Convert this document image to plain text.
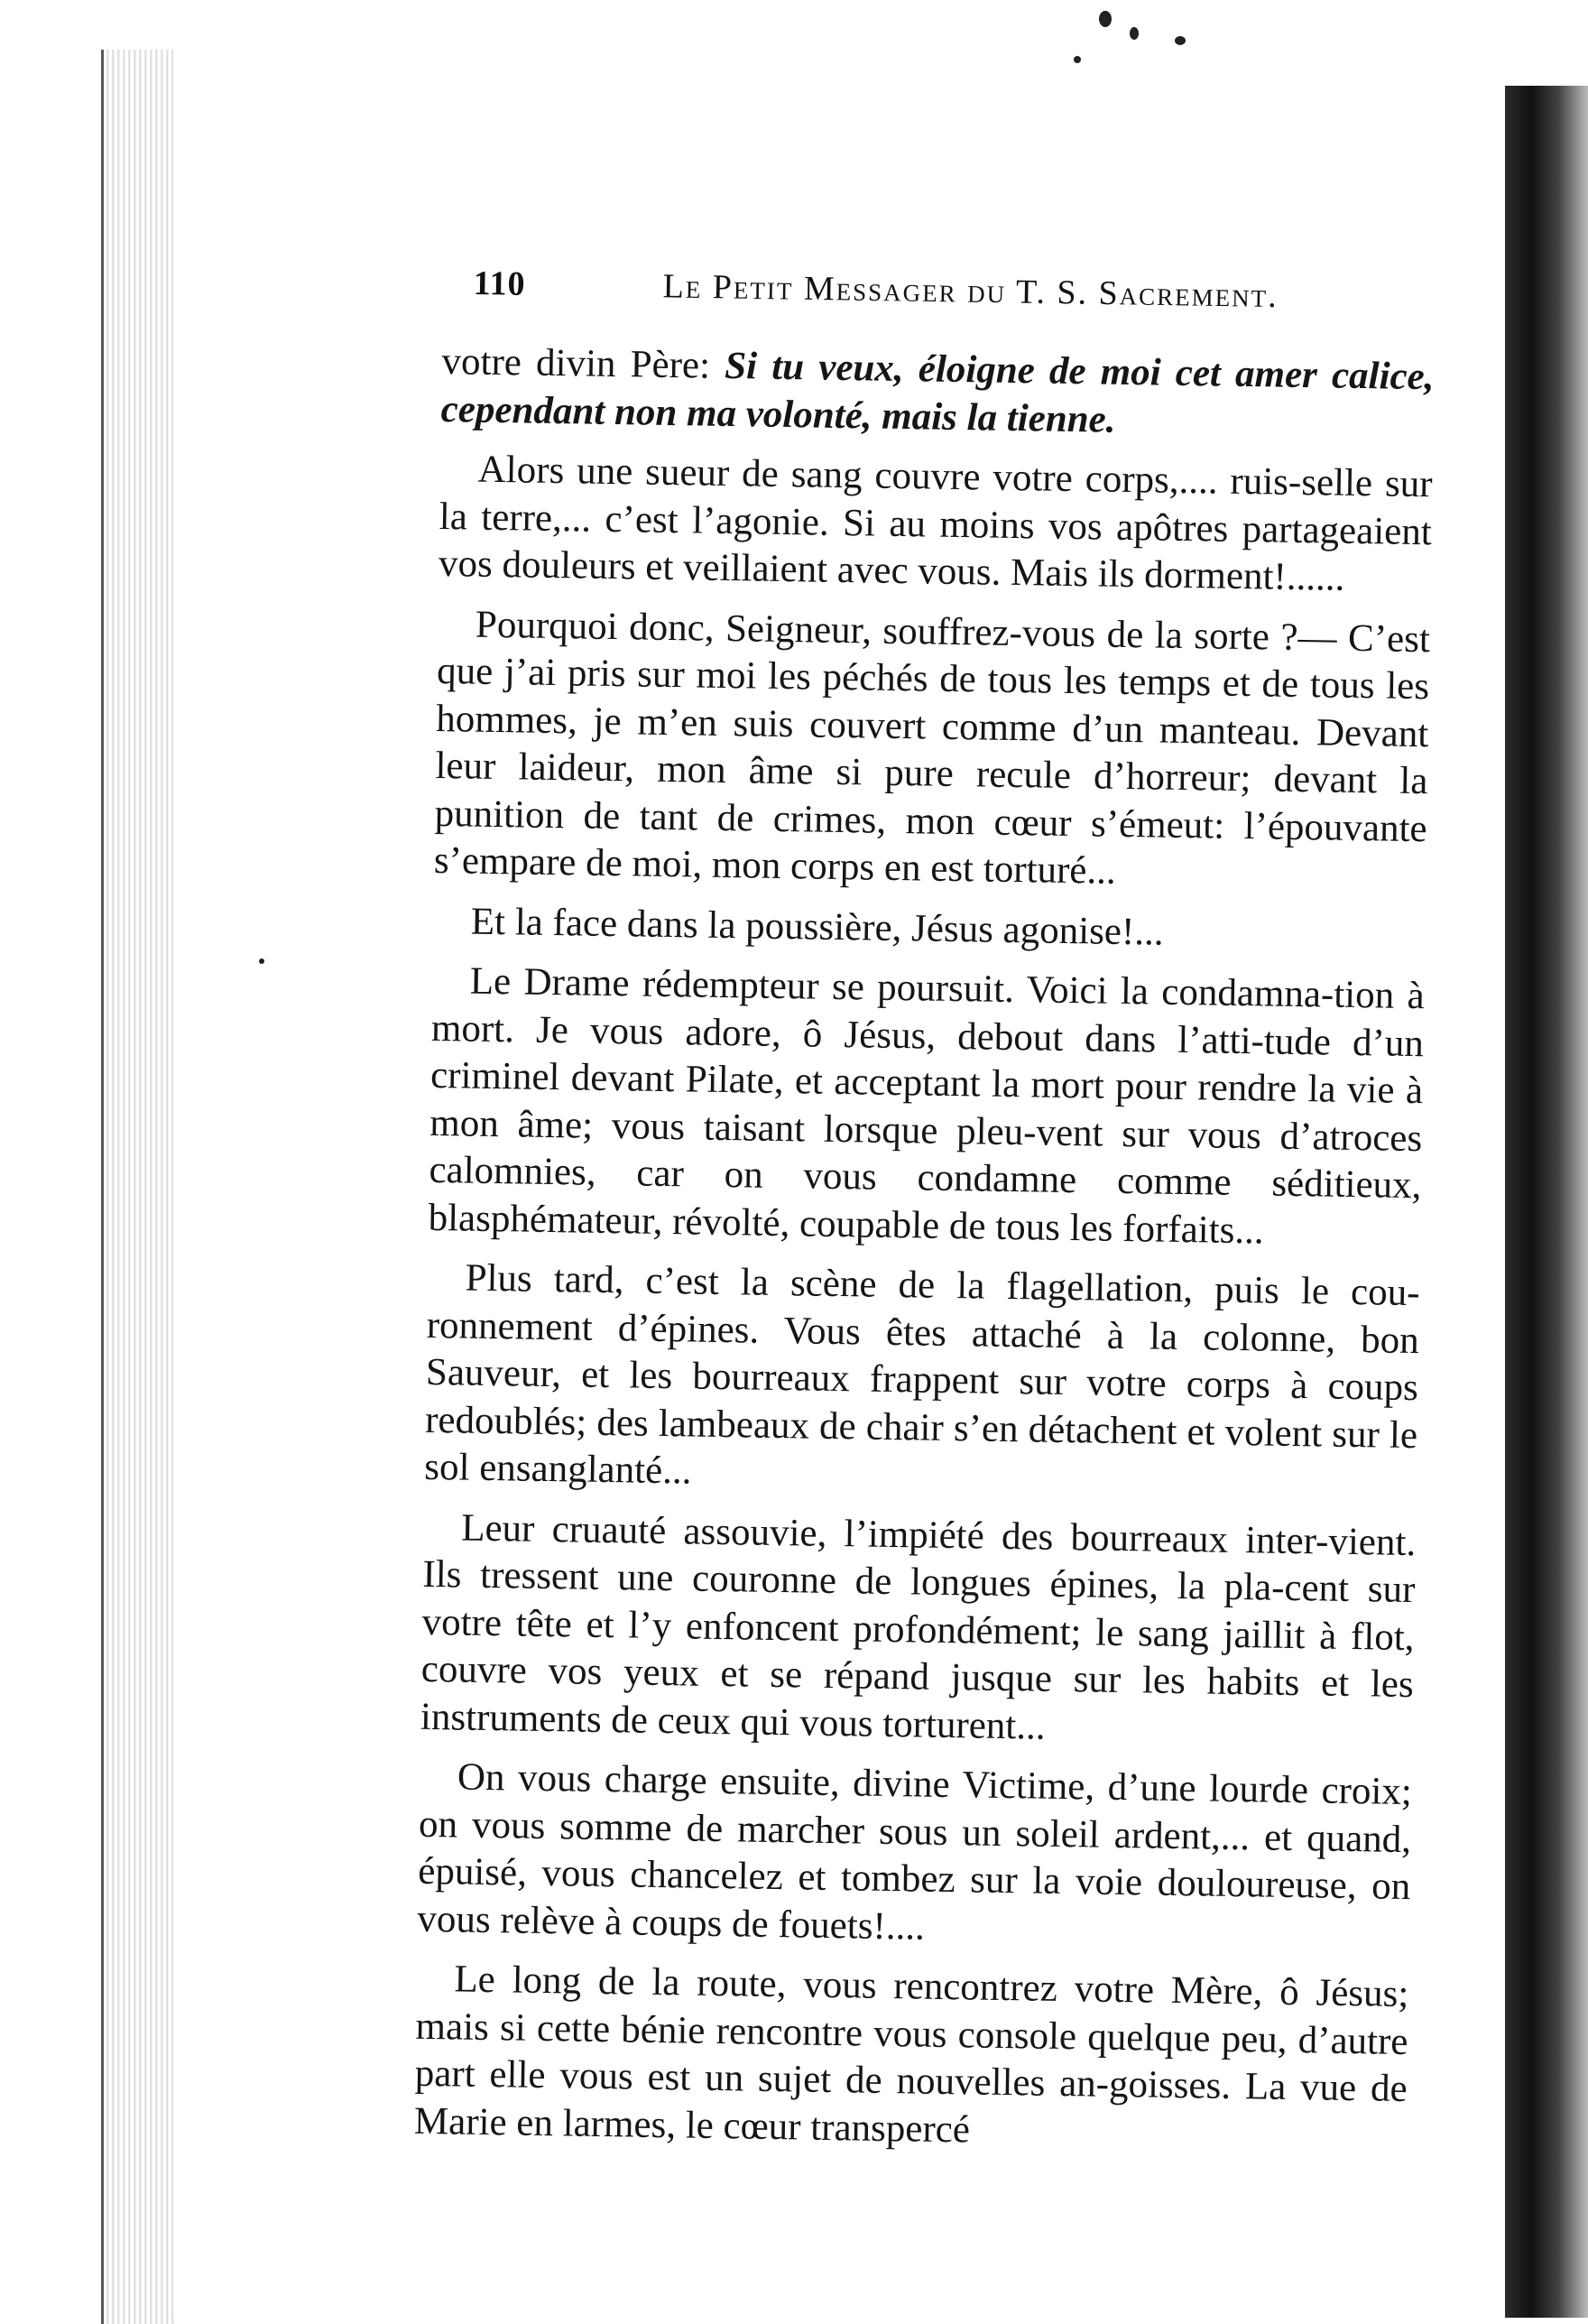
110	Le Petit Messager du T. S. Sacrement.

votre divin Père: Si tu veux, éloigne de moi cet amer calice, cependant non ma volonté, mais la tienne.

Alors une sueur de sang couvre votre corps,.... ruis-selle sur la terre,... c’est l’agonie. Si au moins vos apôtres partageaient vos douleurs et veillaient avec vous. Mais ils dorment!......

Pourquoi donc, Seigneur, souffrez-vous de la sorte ?— C’est que j’ai pris sur moi les péchés de tous les temps et de tous les hommes, je m’en suis couvert comme d’un manteau. Devant leur laideur, mon âme si pure recule d’horreur; devant la punition de tant de crimes, mon cœur s’émeut: l’épouvante s’empare de moi, mon corps en est torturé...

Et la face dans la poussière, Jésus agonise!...

Le Drame rédempteur se poursuit. Voici la condamna-tion à mort. Je vous adore, ô Jésus, debout dans l’atti-tude d’un criminel devant Pilate, et acceptant la mort pour rendre la vie à mon âme; vous taisant lorsque pleu-vent sur vous d’atroces calomnies, car on vous condamne comme séditieux, blasphémateur, révolté, coupable de tous les forfaits...

Plus tard, c’est la scène de la flagellation, puis le cou-ronnement d’épines. Vous êtes attaché à la colonne, bon Sauveur, et les bourreaux frappent sur votre corps à coups redoublés; des lambeaux de chair s’en détachent et volent sur le sol ensanglanté...

Leur cruauté assouvie, l’impiété des bourreaux inter-vient. Ils tressent une couronne de longues épines, la pla-cent sur votre tête et l’y enfoncent profondément; le sang jaillit à flot, couvre vos yeux et se répand jusque sur les habits et les instruments de ceux qui vous torturent...

On vous charge ensuite, divine Victime, d’une lourde croix; on vous somme de marcher sous un soleil ardent,... et quand, épuisé, vous chancelez et tombez sur la voie douloureuse, on vous relève à coups de fouets!....

Le long de la route, vous rencontrez votre Mère, ô Jésus; mais si cette bénie rencontre vous console quelque peu, d’autre part elle vous est un sujet de nouvelles an-goisses. La vue de Marie en larmes, le cœur transpercé
